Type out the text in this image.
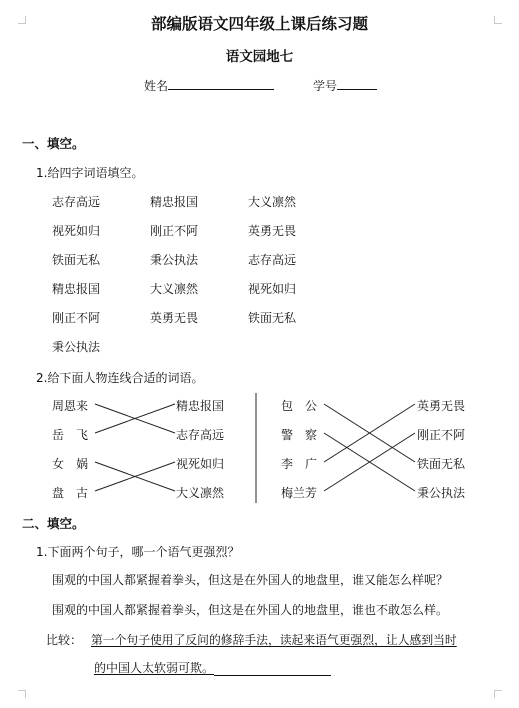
部编版语文四年级上课后练习题
语文园地七
姓名	学号
一、填空。
1.给四字词语填空。
志存高远	精忠报国	大义凛然
视死如归	刚正不阿	英勇无畏
铁面无私	秉公执法	志存高远
精忠报国	大义凛然	视死如归
刚正不阿	英勇无畏	铁面无私
秉公执法
2.给下面人物连线合适的词语。
周恩来
岳　飞
女　娲
盘　古
精忠报国
志存高远
视死如归
大义凛然
包　公
警　察
李　广
梅兰芳
英勇无畏
刚正不阿
铁面无私
秉公执法
二、填空。
1.下面两个句子，哪一个语气更强烈？
围观的中国人都紧握着拳头，但这是在外国人的地盘里，谁又能怎么样呢？
围观的中国人都紧握着拳头，但这是在外国人的地盘里，谁也不敢怎么样。
比较： 第一个句子使用了反问的修辞手法，读起来语气更强烈，让人感到当时
的中国人太软弱可欺。
